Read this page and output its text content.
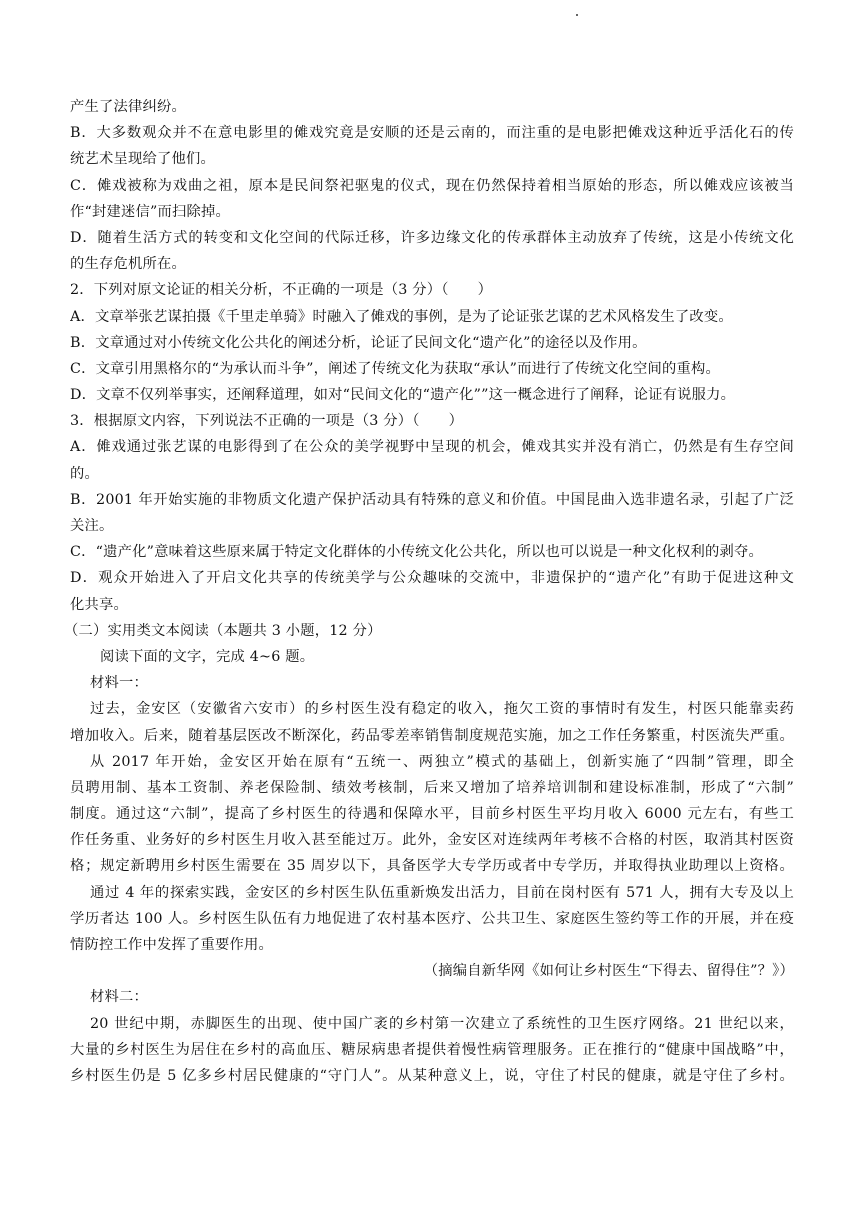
产生了法律纠纷。
B．大多数观众并不在意电影里的傩戏究竟是安顺的还是云南的，而注重的是电影把傩戏这种近乎活化石的传
统艺术呈现给了他们。
C．傩戏被称为戏曲之祖，原本是民间祭祀驱鬼的仪式，现在仍然保持着相当原始的形态，所以傩戏应该被当
作“封建迷信”而扫除掉。
D．随着生活方式的转变和文化空间的代际迁移，许多边缘文化的传承群体主动放弃了传统，这是小传统文化
的生存危机所在。
2．下列对原文论证的相关分析，不正确的一项是（3 分）（　　）
A．文章举张艺谋拍摄《千里走单骑》时融入了傩戏的事例，是为了论证张艺谋的艺术风格发生了改变。
B．文章通过对小传统文化公共化的阐述分析，论证了民间文化“遗产化”的途径以及作用。
C．文章引用黑格尔的“为承认而斗争”，阐述了传统文化为获取“承认”而进行了传统文化空间的重构。
D．文章不仅列举事实，还阐释道理，如对“民间文化的“遗产化””这一概念进行了阐释，论证有说服力。
3．根据原文内容，下列说法不正确的一项是（3 分）（　　）
A．傩戏通过张艺谋的电影得到了在公众的美学视野中呈现的机会，傩戏其实并没有消亡，仍然是有生存空间
的。
B．2001 年开始实施的非物质文化遗产保护活动具有特殊的意义和价值。中国昆曲入选非遗名录，引起了广泛
关注。
C．“遗产化”意味着这些原来属于特定文化群体的小传统文化公共化，所以也可以说是一种文化权利的剥夺。
D．观众开始进入了开启文化共享的传统美学与公众趣味的交流中，非遗保护的“遗产化”有助于促进这种文
化共享。
（二）实用类文本阅读（本题共 3 小题，12 分）
阅读下面的文字，完成 4~6 题。
材料一：
过去，金安区（安徽省六安市）的乡村医生没有稳定的收入，拖欠工资的事情时有发生，村医只能靠卖药
增加收入。后来，随着基层医改不断深化，药品零差率销售制度规范实施，加之工作任务繁重，村医流失严重。
从 2017 年开始，金安区开始在原有“五统一、两独立”模式的基础上，创新实施了“四制”管理，即全
员聘用制、基本工资制、养老保险制、绩效考核制，后来又增加了培养培训制和建设标准制，形成了“六制”
制度。通过这“六制”，提高了乡村医生的待遇和保障水平，目前乡村医生平均月收入 6000 元左右，有些工
作任务重、业务好的乡村医生月收入甚至能过万。此外，金安区对连续两年考核不合格的村医，取消其村医资
格；规定新聘用乡村医生需要在 35 周岁以下，具备医学大专学历或者中专学历，并取得执业助理以上资格。
通过 4 年的探索实践，金安区的乡村医生队伍重新焕发出活力，目前在岗村医有 571 人，拥有大专及以上
学历者达 100 人。乡村医生队伍有力地促进了农村基本医疗、公共卫生、家庭医生签约等工作的开展，并在疫
情防控工作中发挥了重要作用。
（摘编自新华网《如何让乡村医生“下得去、留得住”？》）
材料二：
20 世纪中期，赤脚医生的出现、使中国广袤的乡村第一次建立了系统性的卫生医疗网络。21 世纪以来，
大量的乡村医生为居住在乡村的高血压、糖尿病患者提供着慢性病管理服务。正在推行的“健康中国战略”中，
乡村医生仍是 5 亿多乡村居民健康的“守门人”。从某种意义上，说，守住了村民的健康，就是守住了乡村。
